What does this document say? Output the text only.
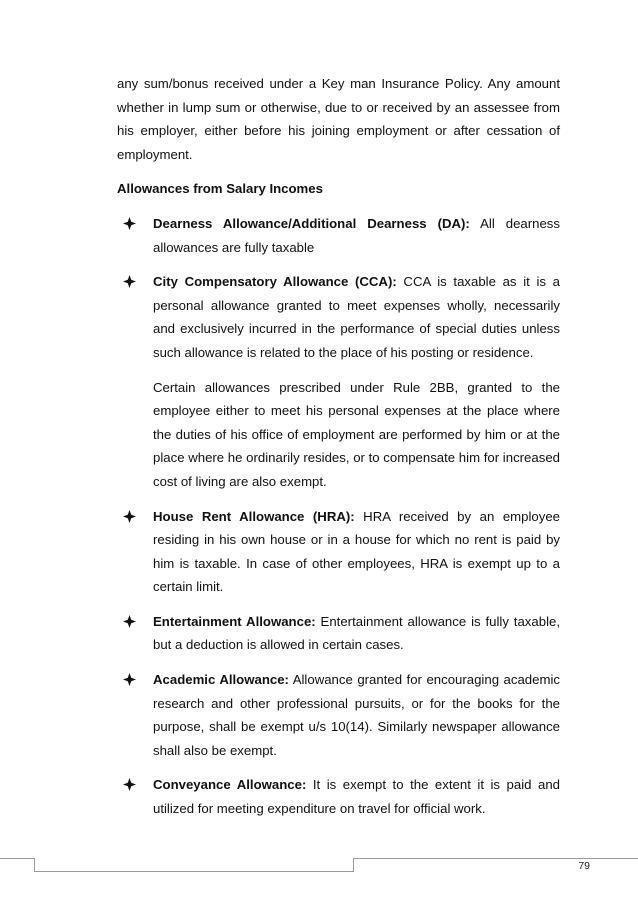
any sum/bonus received under a Key man Insurance Policy. Any amount whether in lump sum or otherwise, due to or received by an assessee from his employer, either before his joining employment or after cessation of employment.

Allowances from Salary Incomes

Dearness Allowance/Additional Dearness (DA): All dearness allowances are fully taxable
City Compensatory Allowance (CCA): CCA is taxable as it is a personal allowance granted to meet expenses wholly, necessarily and exclusively incurred in the performance of special duties unless such allowance is related to the place of his posting or residence.
Certain allowances prescribed under Rule 2BB, granted to the employee either to meet his personal expenses at the place where the duties of his office of employment are performed by him or at the place where he ordinarily resides, or to compensate him for increased cost of living are also exempt.
House Rent Allowance (HRA): HRA received by an employee residing in his own house or in a house for which no rent is paid by him is taxable. In case of other employees, HRA is exempt up to a certain limit.
Entertainment Allowance: Entertainment allowance is fully taxable, but a deduction is allowed in certain cases.
Academic Allowance: Allowance granted for encouraging academic research and other professional pursuits, or for the books for the purpose, shall be exempt u/s 10(14). Similarly newspaper allowance shall also be exempt.
Conveyance Allowance: It is exempt to the extent it is paid and utilized for meeting expenditure on travel for official work.
79
